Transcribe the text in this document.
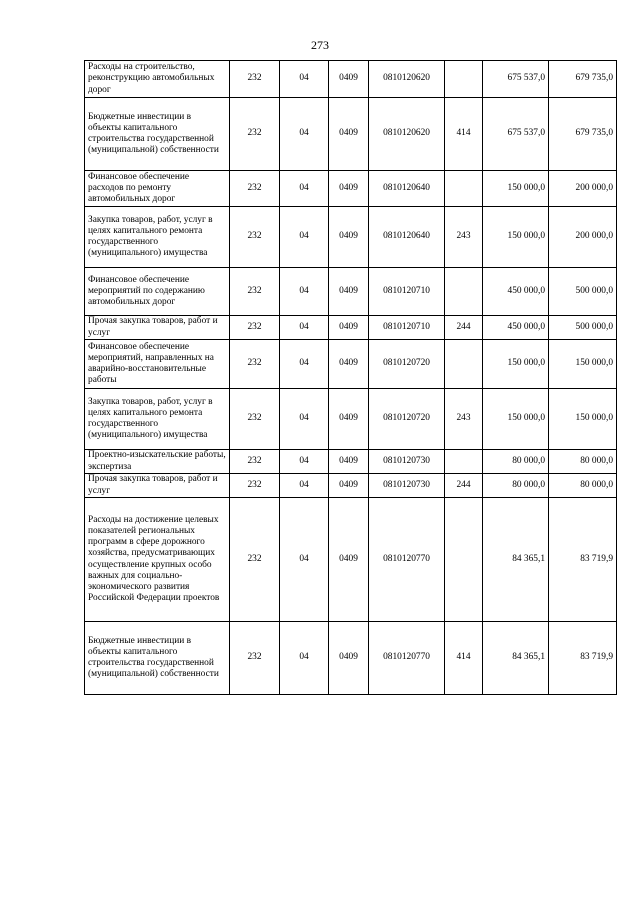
273
Расходы на строительство, реконструкцию автомобильных дорог	232	04	0409	0810120620		675 537,0	679 735,0
Бюджетные инвестиции в объекты капитального строительства государственной (муниципальной) собственности	232	04	0409	0810120620	414	675 537,0	679 735,0
Финансовое обеспечение расходов по ремонту автомобильных дорог	232	04	0409	0810120640		150 000,0	200 000,0
Закупка товаров, работ, услуг в целях капитального ремонта государственного (муниципального) имущества	232	04	0409	0810120640	243	150 000,0	200 000,0
Финансовое обеспечение мероприятий по содержанию автомобильных дорог	232	04	0409	0810120710		450 000,0	500 000,0
Прочая закупка товаров, работ и услуг	232	04	0409	0810120710	244	450 000,0	500 000,0
Финансовое обеспечение мероприятий, направленных на аварийно-восстановительные работы	232	04	0409	0810120720		150 000,0	150 000,0
Закупка товаров, работ, услуг в целях капитального ремонта государственного (муниципального) имущества	232	04	0409	0810120720	243	150 000,0	150 000,0
Проектно-изыскательские работы, экспертиза	232	04	0409	0810120730		80 000,0	80 000,0
Прочая закупка товаров, работ и услуг	232	04	0409	0810120730	244	80 000,0	80 000,0
Расходы на достижение целевых показателей региональных программ в сфере дорожного хозяйства, предусматривающих осуществление крупных особо важных для социально-экономического развития Российской Федерации проектов	232	04	0409	0810120770		84 365,1	83 719,9
Бюджетные инвестиции в объекты капитального строительства государственной (муниципальной) собственности	232	04	0409	0810120770	414	84 365,1	83 719,9
